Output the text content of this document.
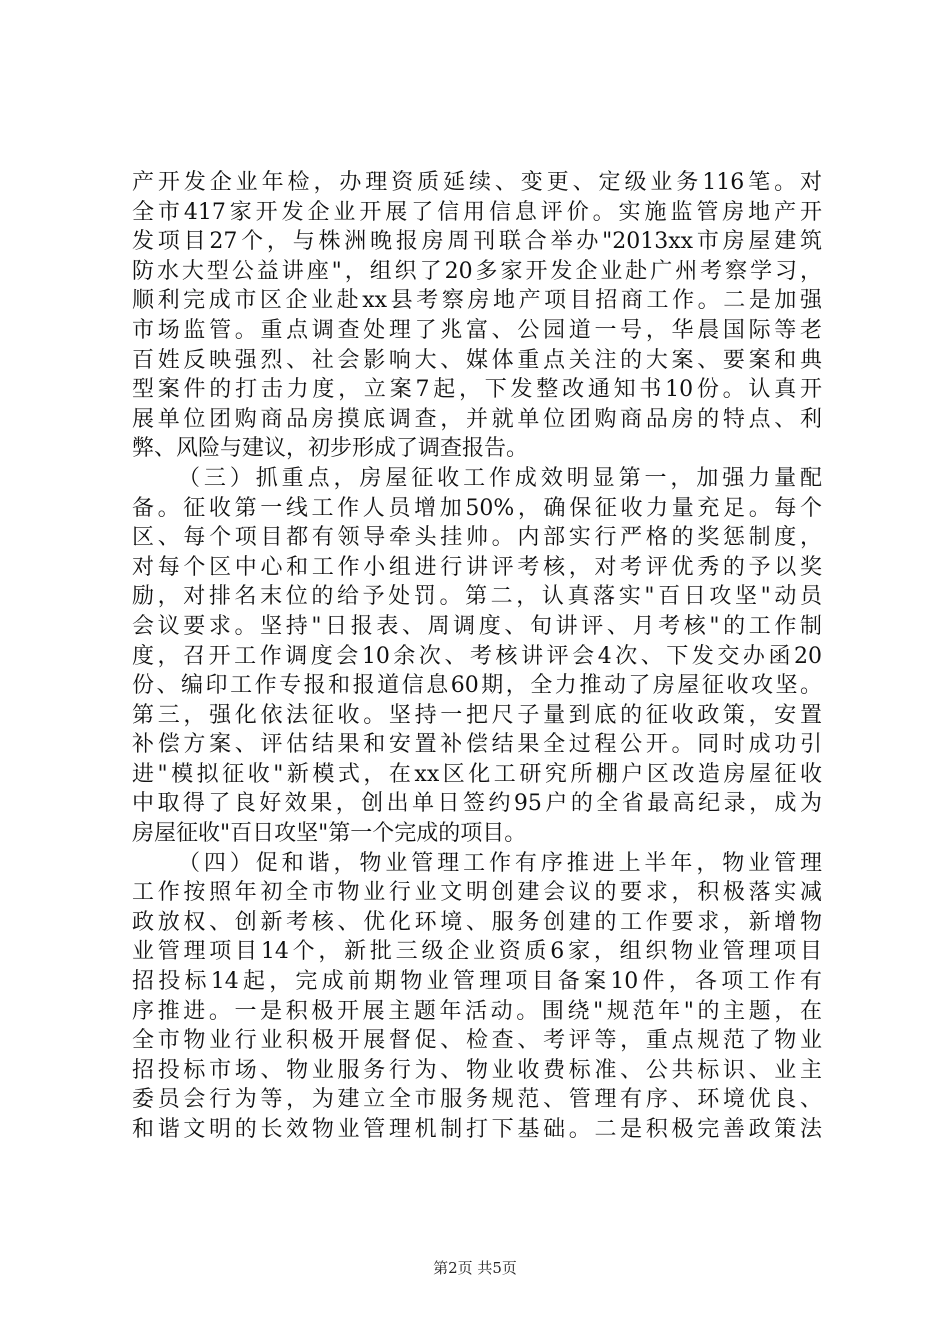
产开发企业年检，办理资质延续、变更、定级业务116笔。对
全市417家开发企业开展了信用信息评价。实施监管房地产开
发项目27个，与株洲晚报房周刊联合举办"2013xx市房屋建筑
防水大型公益讲座"，组织了20多家开发企业赴广州考察学习，
顺利完成市区企业赴xx县考察房地产项目招商工作。二是加强
市场监管。重点调查处理了兆富、公园道一号，华晨国际等老
百姓反映强烈、社会影响大、媒体重点关注的大案、要案和典
型案件的打击力度，立案7起，下发整改通知书10份。认真开
展单位团购商品房摸底调查，并就单位团购商品房的特点、利
弊、风险与建议，初步形成了调查报告。
（三）抓重点，房屋征收工作成效明显第一，加强力量配
备。征收第一线工作人员增加50%，确保征收力量充足。每个
区、每个项目都有领导牵头挂帅。内部实行严格的奖惩制度，
对每个区中心和工作小组进行讲评考核，对考评优秀的予以奖
励，对排名末位的给予处罚。第二，认真落实"百日攻坚"动员
会议要求。坚持"日报表、周调度、旬讲评、月考核"的工作制
度，召开工作调度会10余次、考核讲评会4次、下发交办函20
份、编印工作专报和报道信息60期，全力推动了房屋征收攻坚。
第三，强化依法征收。坚持一把尺子量到底的征收政策，安置
补偿方案、评估结果和安置补偿结果全过程公开。同时成功引
进"模拟征收"新模式，在xx区化工研究所棚户区改造房屋征收
中取得了良好效果，创出单日签约95户的全省最高纪录，成为
房屋征收"百日攻坚"第一个完成的项目。
（四）促和谐，物业管理工作有序推进上半年，物业管理
工作按照年初全市物业行业文明创建会议的要求，积极落实减
政放权、创新考核、优化环境、服务创建的工作要求，新增物
业管理项目14个，新批三级企业资质6家，组织物业管理项目
招投标14起，完成前期物业管理项目备案10件，各项工作有
序推进。一是积极开展主题年活动。围绕"规范年"的主题，在
全市物业行业积极开展督促、检查、考评等，重点规范了物业
招投标市场、物业服务行为、物业收费标准、公共标识、业主
委员会行为等，为建立全市服务规范、管理有序、环境优良、
和谐文明的长效物业管理机制打下基础。二是积极完善政策法
第2页 共5页
